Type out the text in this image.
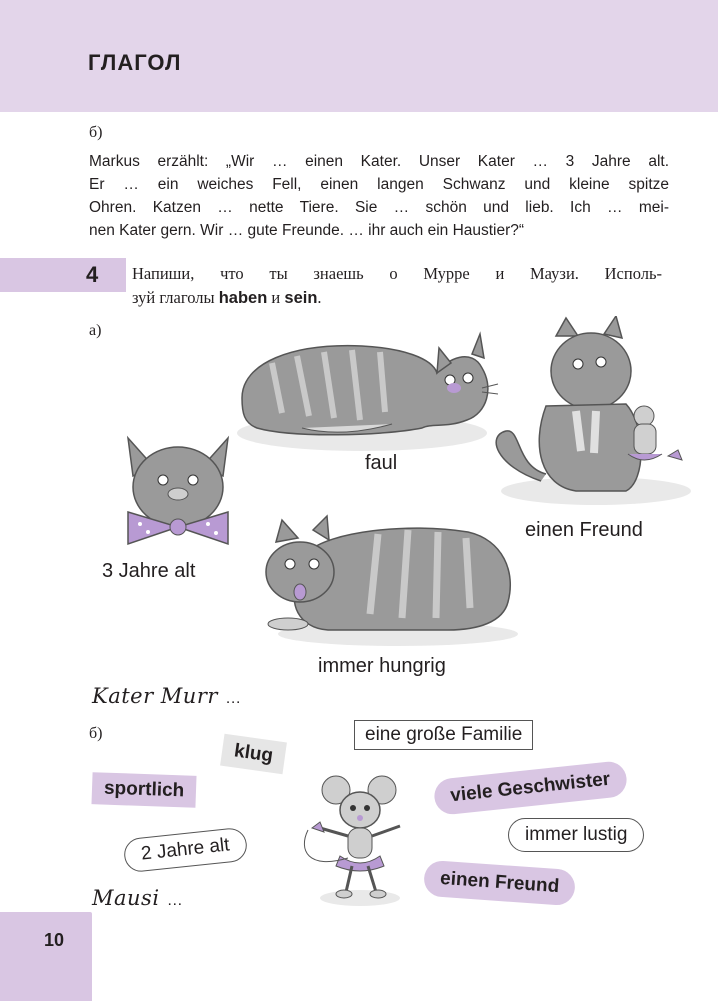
ГЛАГОЛ
б)
Markus erzählt: „Wir … einen Kater. Unser Kater … 3 Jahre alt.
Er … ein weiches Fell, einen langen Schwanz und kleine spitze
Ohren. Katzen … nette Tiere. Sie … schön und lieb. Ich … mei-
nen Kater gern. Wir … gute Freunde. … ihr auch ein Haustier?“
4 Напиши, что ты знаешь о Мурре и Маузи. Исполь-
зуй глаголы haben и sein.
а)
faul
einen Freund
3 Jahre alt
immer hungrig
Kater Murr …
б)	eine große Familie
klug
sportlich	viele Geschwister
immer lustig
2 Jahre alt
einen Freund
Mausi …
10
